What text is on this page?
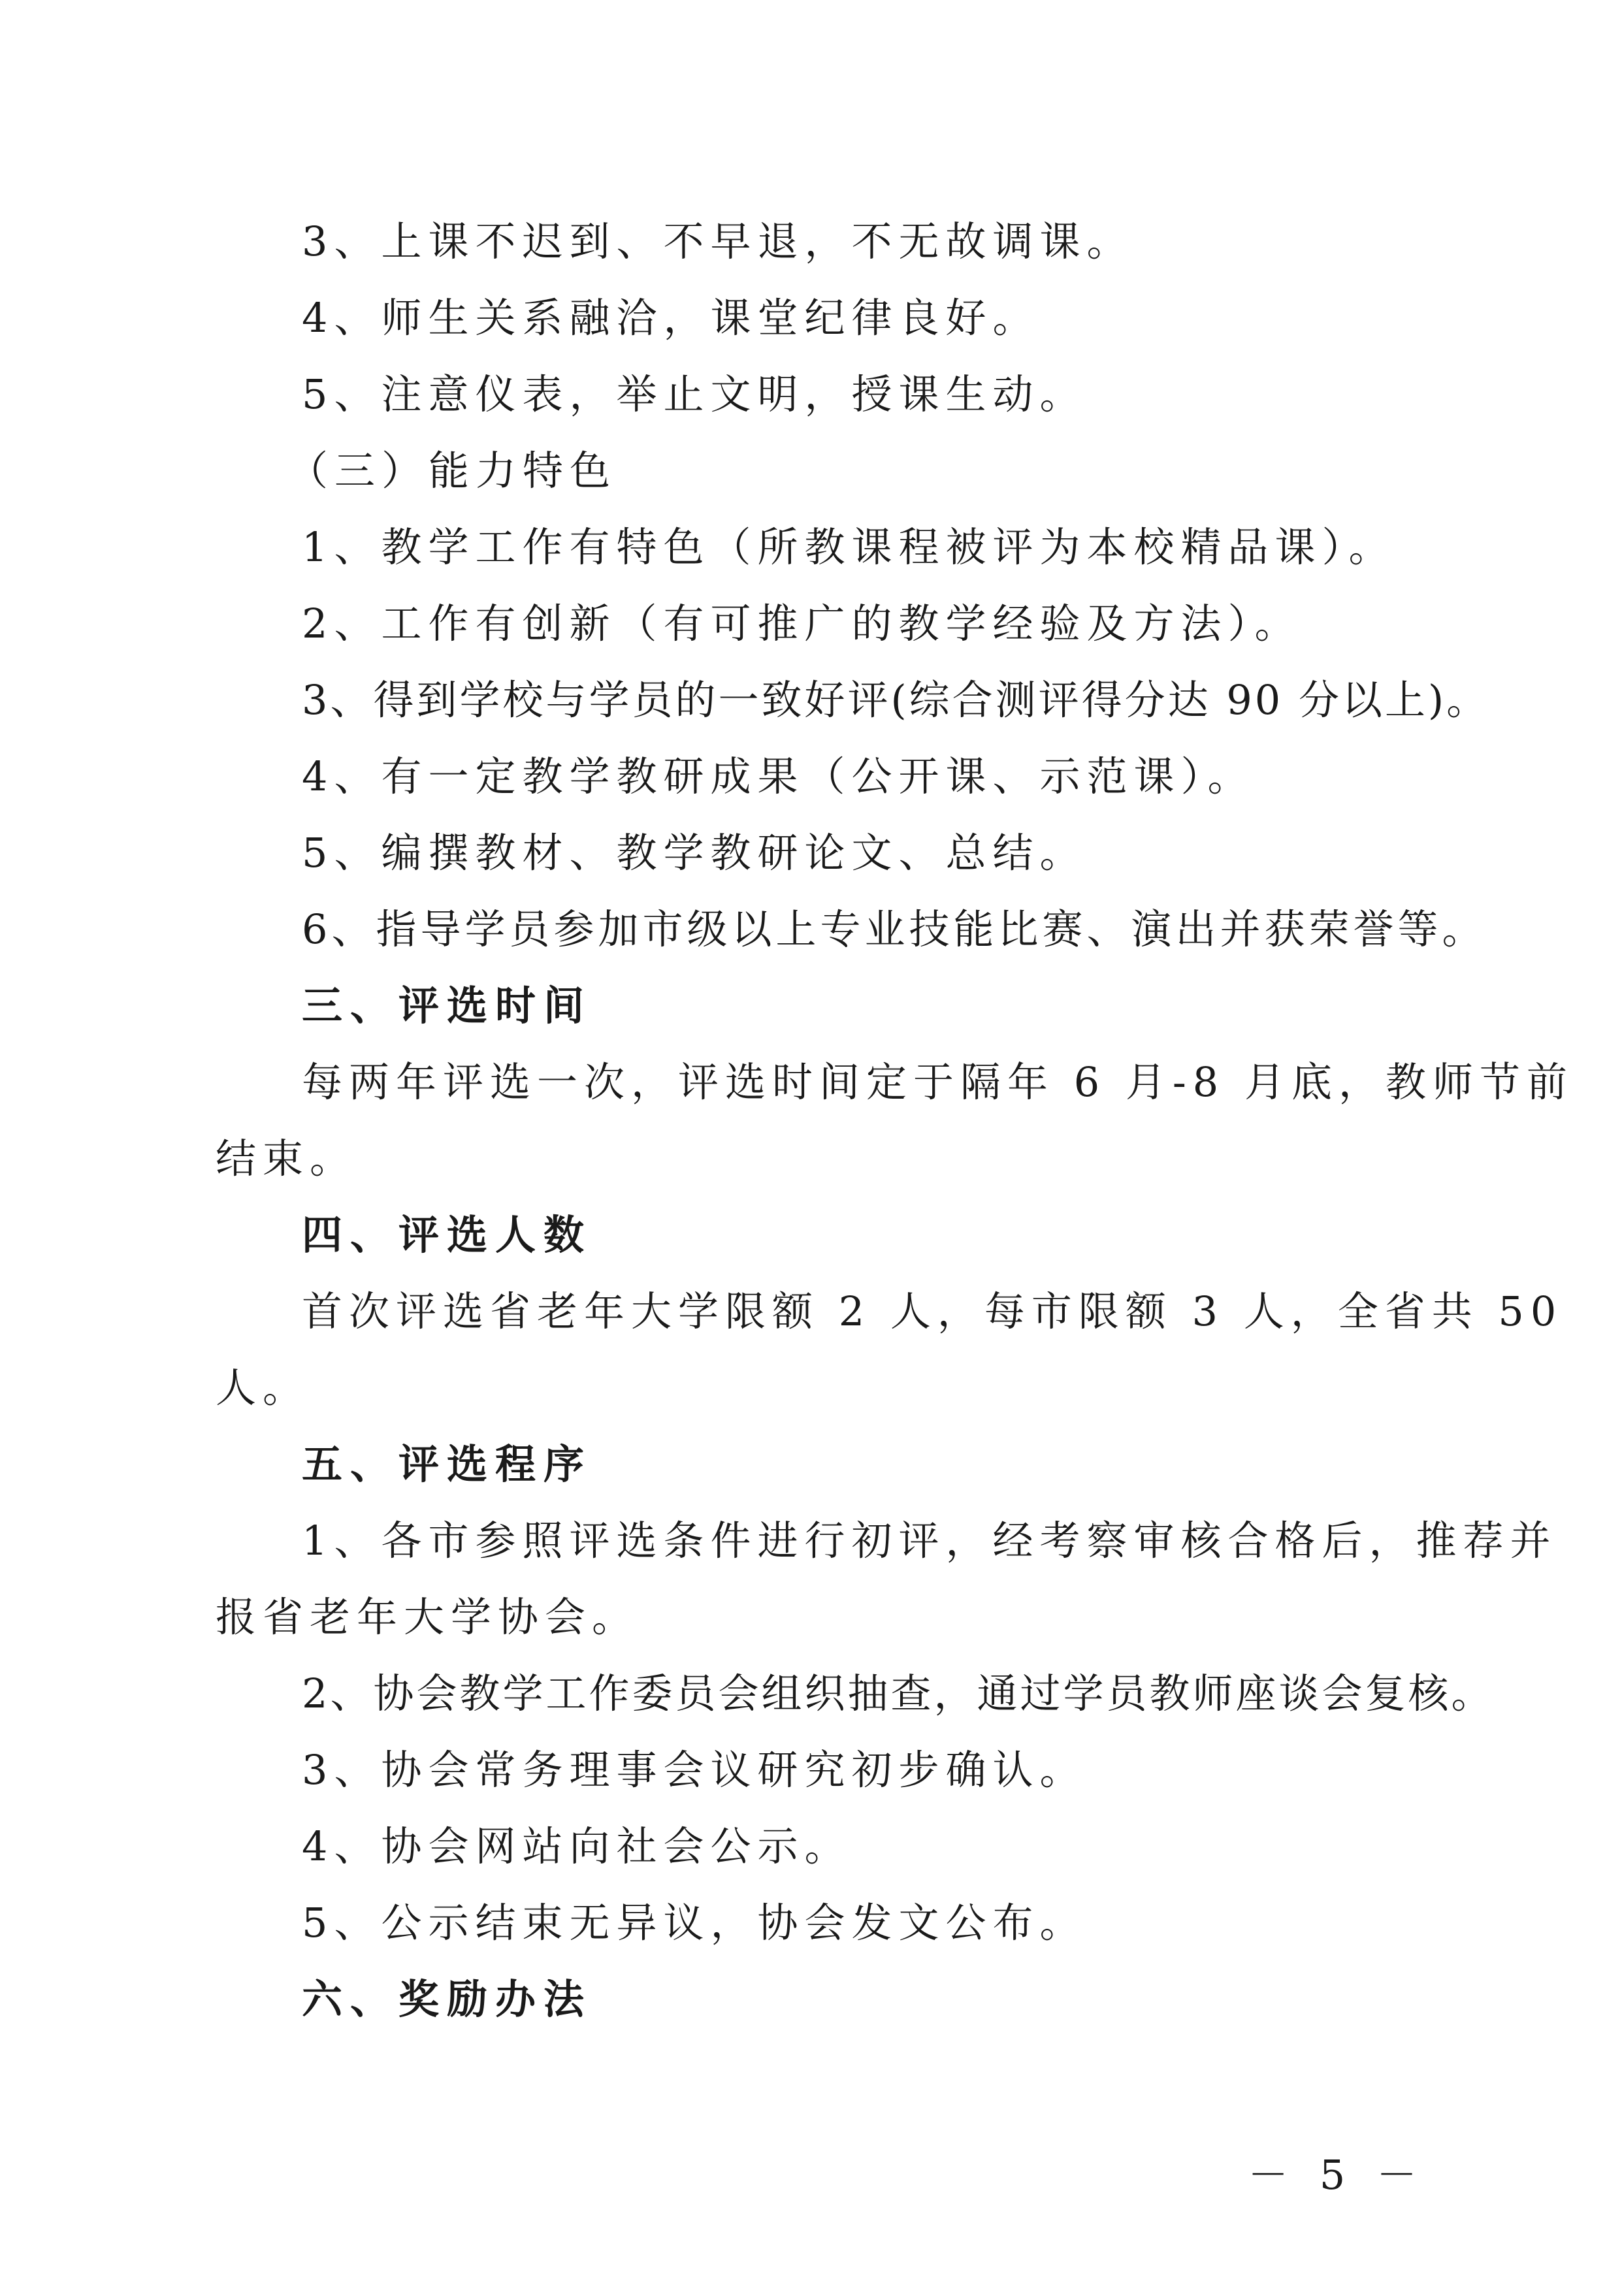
3、上课不迟到、不早退，不无故调课。
4、师生关系融洽，课堂纪律良好。
5、注意仪表，举止文明，授课生动。
（三）能力特色
1、教学工作有特色（所教课程被评为本校精品课）。
2、工作有创新（有可推广的教学经验及方法）。
3、得到学校与学员的一致好评(综合测评得分达 90 分以上)。
4、有一定教学教研成果（公开课、示范课）。
5、编撰教材、教学教研论文、总结。
6、指导学员参加市级以上专业技能比赛、演出并获荣誉等。
三、评选时间
每两年评选一次，评选时间定于隔年 6 月-8 月底，教师节前
结束。
四、评选人数
首次评选省老年大学限额 2 人，每市限额 3 人，全省共 50
人。
五、评选程序
1、各市参照评选条件进行初评，经考察审核合格后，推荐并
报省老年大学协会。
2、协会教学工作委员会组织抽查，通过学员教师座谈会复核。
3、协会常务理事会议研究初步确认。
4、协会网站向社会公示。
5、公示结束无异议，协会发文公布。
六、奖励办法
－ 5 －
